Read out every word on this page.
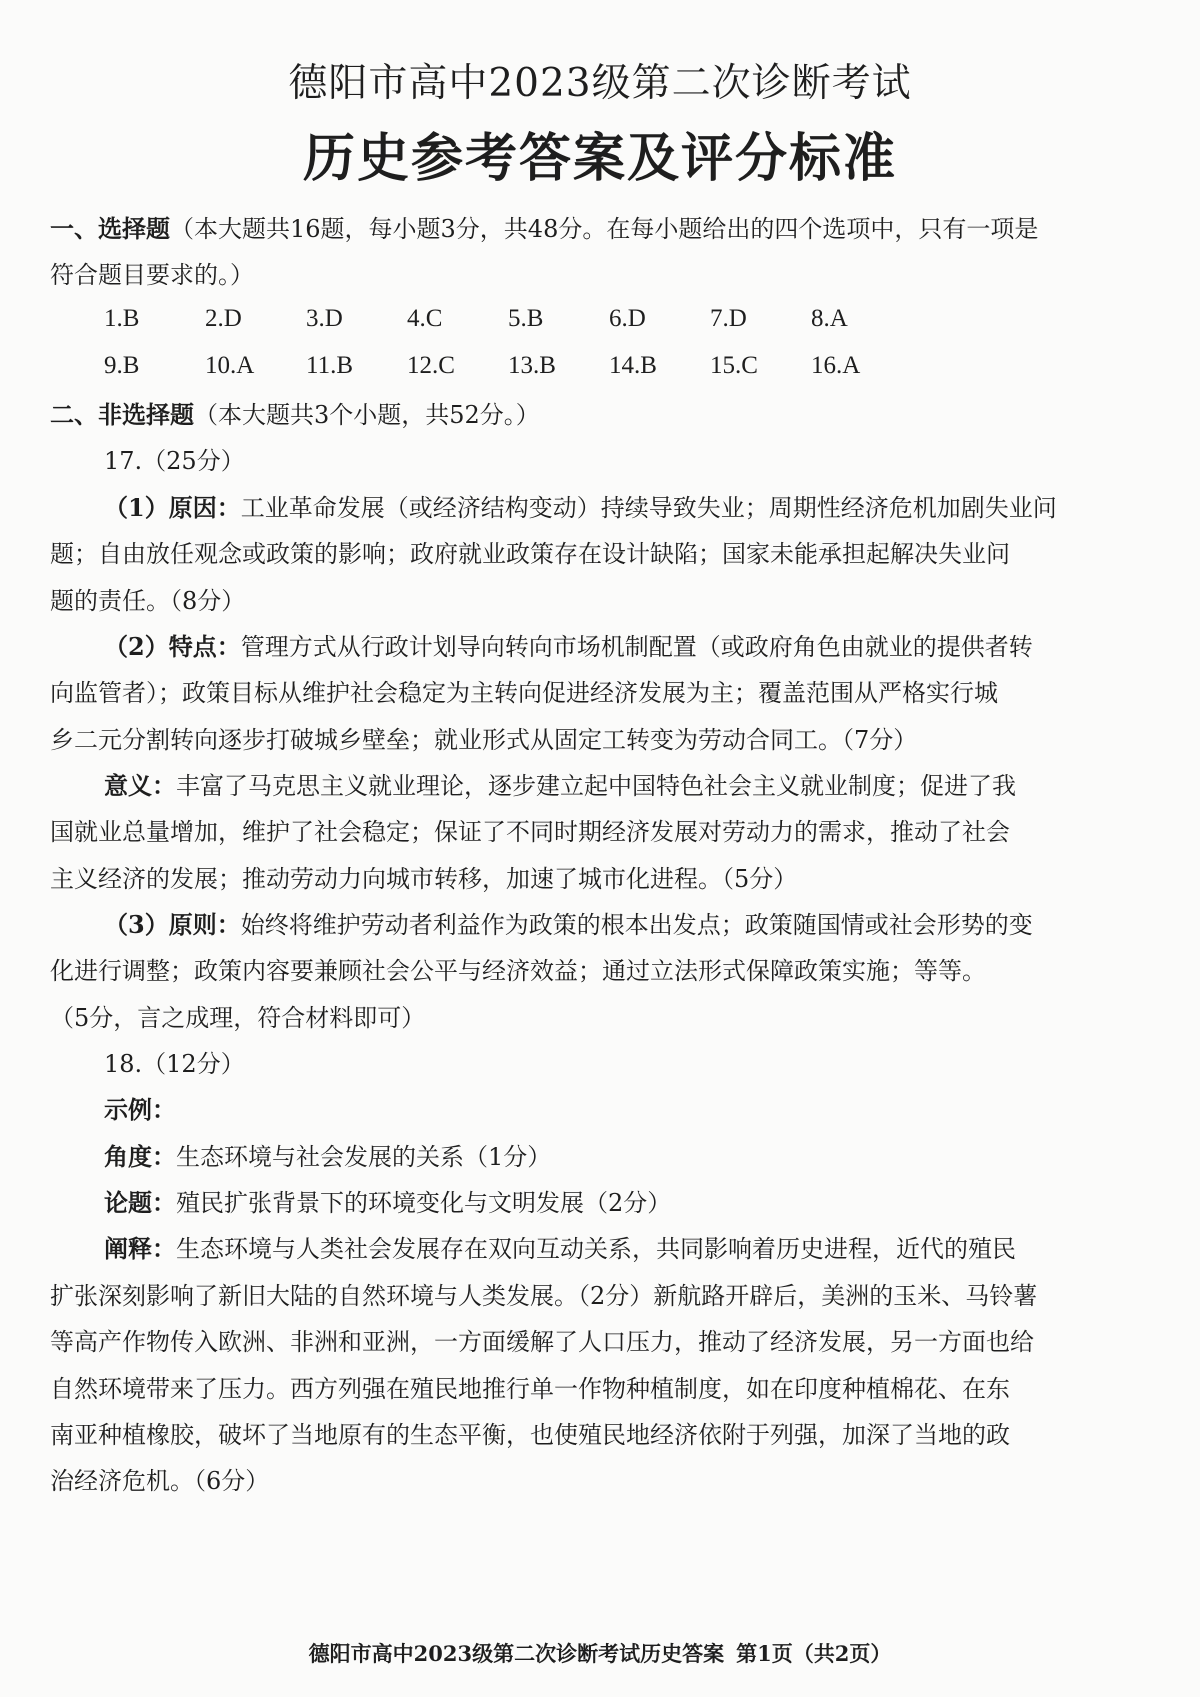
德阳市高中2023级第二次诊断考试
历史参考答案及评分标准
一、选择题（本大题共16题，每小题3分，共48分。在每小题给出的四个选项中，只有一项是
符合题目要求的。）
1.B	2.D	3.D	4.C	5.B	6.D	7.D	8.A
9.B	10.A 11.B 12.C 13.B 14.B 15.C 16.A
二、非选择题（本大题共3个小题，共52分。）
17.（25分）
（1）原因：工业革命发展（或经济结构变动）持续导致失业；周期性经济危机加剧失业问
题；自由放任观念或政策的影响；政府就业政策存在设计缺陷；国家未能承担起解决失业问
题的责任。（8分）
（2）特点：管理方式从行政计划导向转向市场机制配置（或政府角色由就业的提供者转
向监管者）；政策目标从维护社会稳定为主转向促进经济发展为主；覆盖范围从严格实行城
乡二元分割转向逐步打破城乡壁垒；就业形式从固定工转变为劳动合同工。（7分）
意义：丰富了马克思主义就业理论，逐步建立起中国特色社会主义就业制度；促进了我
国就业总量增加，维护了社会稳定；保证了不同时期经济发展对劳动力的需求，推动了社会
主义经济的发展；推动劳动力向城市转移，加速了城市化进程。（5分）
（3）原则：始终将维护劳动者利益作为政策的根本出发点；政策随国情或社会形势的变
化进行调整；政策内容要兼顾社会公平与经济效益；通过立法形式保障政策实施；等等。
（5分，言之成理，符合材料即可）
18.（12分）
示例：
角度：生态环境与社会发展的关系（1分）
论题：殖民扩张背景下的环境变化与文明发展（2分）
阐释：生态环境与人类社会发展存在双向互动关系，共同影响着历史进程，近代的殖民
扩张深刻影响了新旧大陆的自然环境与人类发展。（2分）新航路开辟后，美洲的玉米、马铃薯
等高产作物传入欧洲、非洲和亚洲，一方面缓解了人口压力，推动了经济发展，另一方面也给
自然环境带来了压力。西方列强在殖民地推行单一作物种植制度，如在印度种植棉花、在东
南亚种植橡胶，破坏了当地原有的生态平衡，也使殖民地经济依附于列强，加深了当地的政
治经济危机。（6分）
德阳市高中2023级第二次诊断考试历史答案 第1页（共2页）
